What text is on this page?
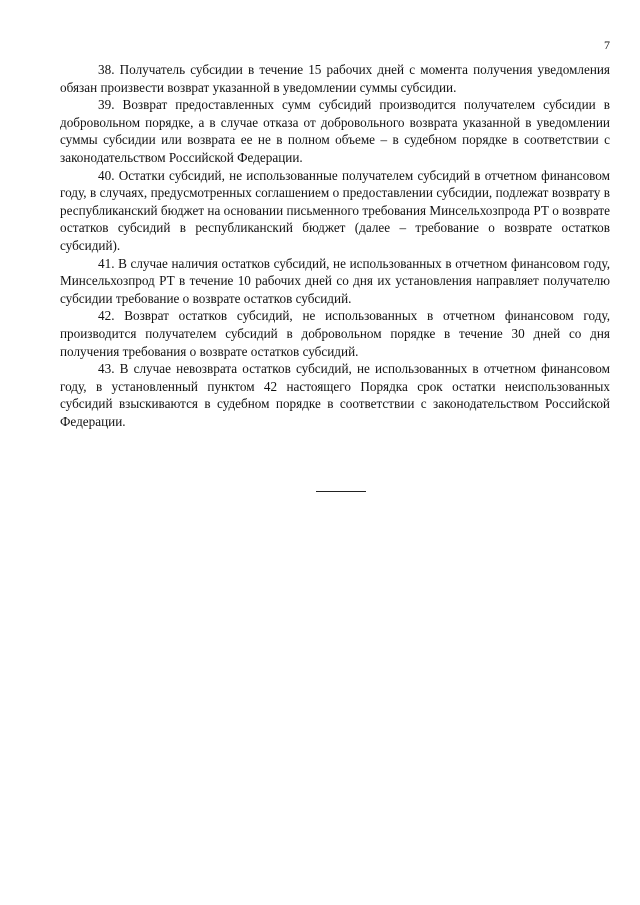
7

38. Получатель субсидии в течение 15 рабочих дней с момента получения уведомления обязан произвести возврат указанной в уведомлении суммы субсидии.

39. Возврат предоставленных сумм субсидий производится получателем субсидии в добровольном порядке, а в случае отказа от добровольного возврата указанной в уведомлении суммы субсидии или возврата ее не в полном объеме – в судебном порядке в соответствии с законодательством Российской Федерации.

40. Остатки субсидий, не использованные получателем субсидий в отчетном финансовом году, в случаях, предусмотренных соглашением о предоставлении субсидии, подлежат возврату в республиканский бюджет на основании письменного требования Минсельхозпрода РТ о возврате остатков субсидий в республиканский бюджет (далее – требование о возврате остатков субсидий).

41. В случае наличия остатков субсидий, не использованных в отчетном финансовом году, Минсельхозпрод РТ в течение 10 рабочих дней со дня их установления направляет получателю субсидии требование о возврате остатков субсидий.

42. Возврат остатков субсидий, не использованных в отчетном финансовом году, производится получателем субсидий в добровольном порядке в течение 30 дней со дня получения требования о возврате остатков субсидий.

43. В случае невозврата остатков субсидий, не использованных в отчетном финансовом году, в установленный пунктом 42 настоящего Порядка срок остатки неиспользованных субсидий взыскиваются в судебном порядке в соответствии с законодательством Российской Федерации.
